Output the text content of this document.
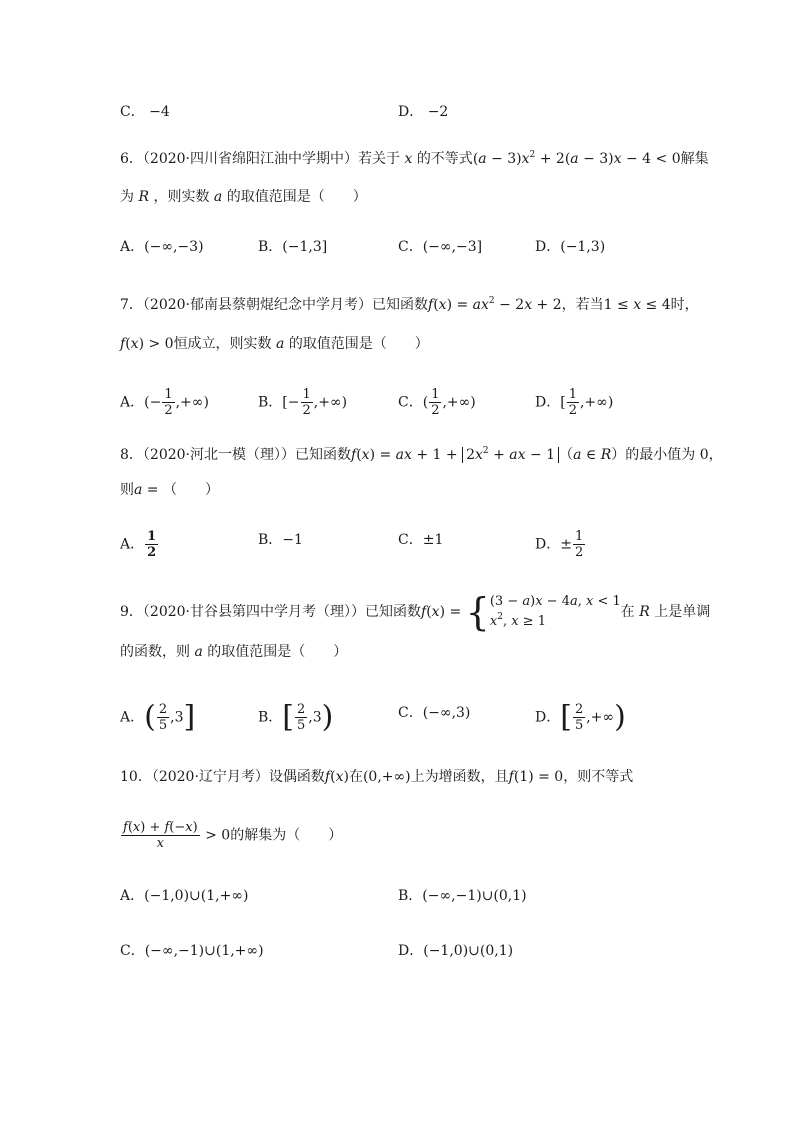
C． −4	D． −2
6．（2020·四川省绵阳江油中学期中）若关于 x 的不等式$(a - 3)x^2 + 2(a - 3)x - 4 < 0$解集
为 R ，则实数 a 的取值范围是（　　）
A．(−∞,−3)	B．(−1,3]	C．(−∞,−3]	D．(−1,3)
7．（2020·郁南县蔡朝焜纪念中学月考）已知函数$f(x) = ax^2 - 2x + 2$，若当1 ≤ x ≤ 4时，
f(x) > 0恒成立，则实数 a 的取值范围是（　　）
A．(− $\frac{1}{2}$ ,+∞)	B．[− $\frac{1}{2}$ ,+∞)	C．( $\frac{1}{2}$ ,+∞)	D．[ $\frac{1}{2}$ ,+∞)
8．（2020·河北一模（理））已知函数f(x) = ax + $1 + 2x^2$ + ax − 1 （a ∈ R）的最小值为 0，
则a = （　　）
A． $\frac{1}{2}$	B．−1	C．±1	D．± $\frac{1}{2}$
9．（2020·甘谷县第四中学月考（理））已知函数f(x) = {(3 − a)x − 4a, x < 1
$x^2$, x ≥ 1在 R 上是单调
的函数，则 a 的取值范围是（　　）
A．( $\frac{2}{5} ,3$]	B．[ $\frac{2}{5} ,3$)	C．(−∞,3)	D．[ $\frac{2}{5}$ ,+∞)
10．（2020·辽宁月考）设偶函数f(x)在(0,+∞)上为增函数，且f(1) = 0，则不等式
$\frac{f(x) + f(-x)}{x} > 0$的解集为（　　）
A．(−1,0)∪(1,+∞)	B．(−∞,−1)∪(0,1)
C．(−∞,−1)∪(1,+∞)	D．(−1,0)∪(0,1)
